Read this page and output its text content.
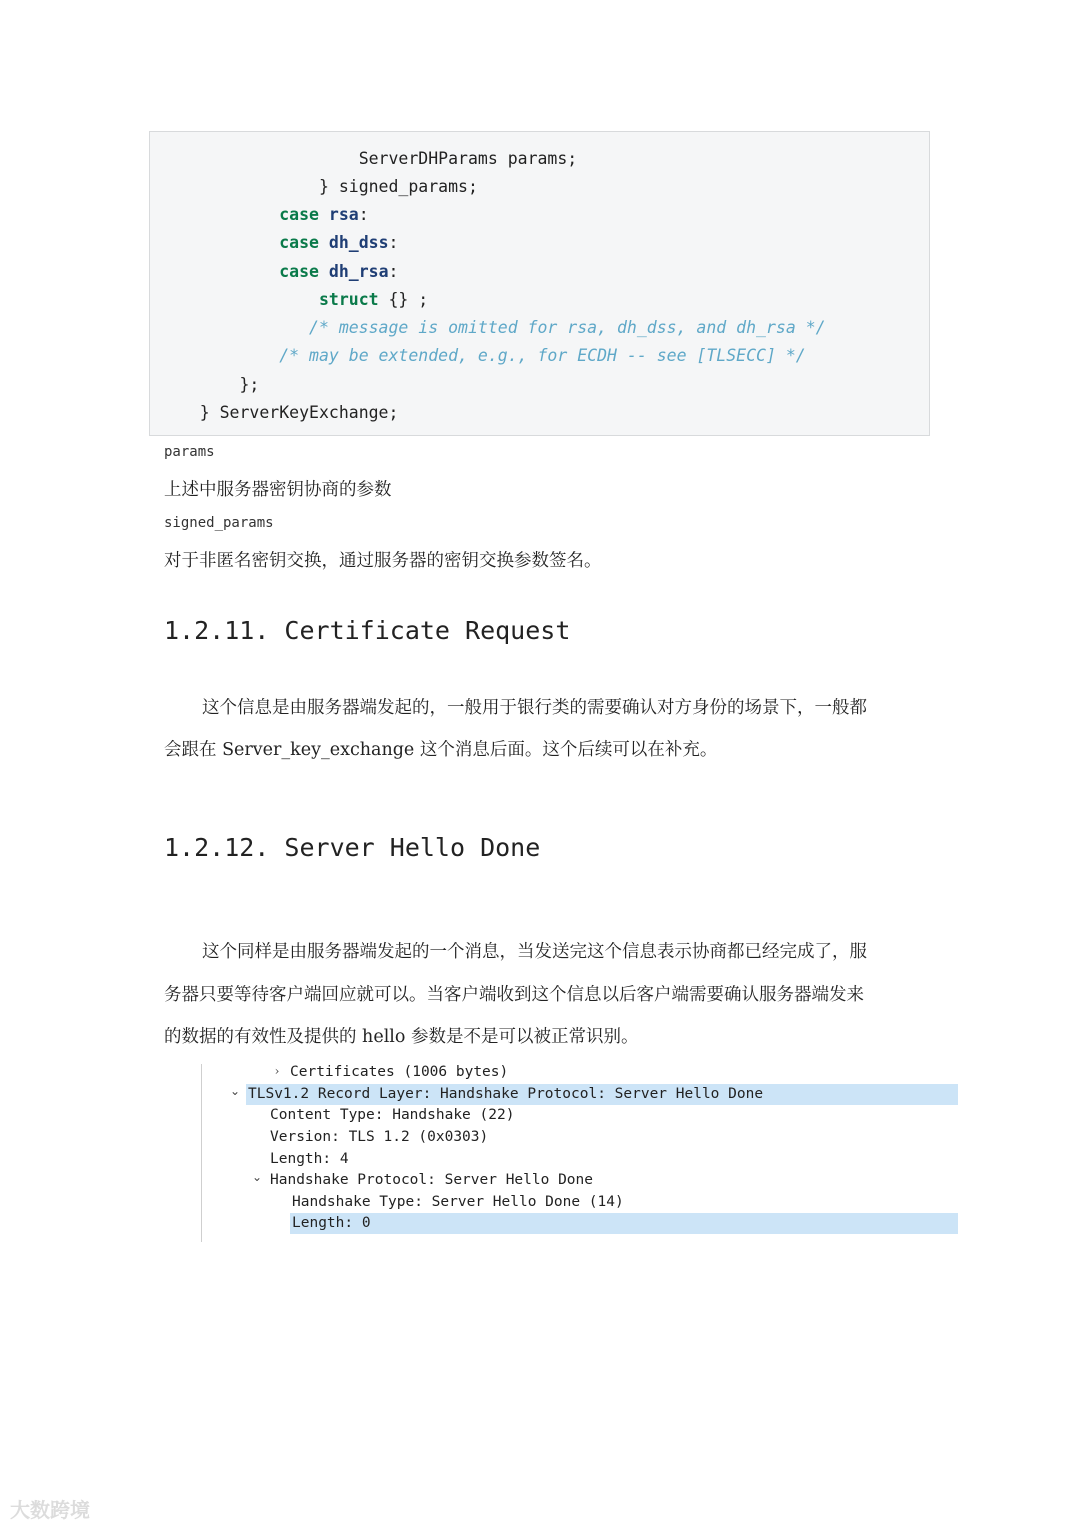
ServerDHParams params;
} signed_params;
case rsa:
case dh_dss:
case dh_rsa:
struct {} ;
/* message is omitted for rsa, dh_dss, and dh_rsa */
/* may be extended, e.g., for ECDH -- see [TLSECC] */
};
} ServerKeyExchange;
params
上述中服务器密钥协商的参数
signed_params
对于非匿名密钥交换，通过服务器的密钥交换参数签名。
1.2.11. Certificate Request
这个信息是由服务器端发起的，一般用于银行类的需要确认对方身份的场景下，一般都
会跟在 Server_key_exchange 这个消息后面。这个后续可以在补充。
1.2.12. Server Hello Done
这个同样是由服务器端发起的一个消息，当发送完这个信息表示协商都已经完成了，服
务器只要等待客户端回应就可以。当客户端收到这个信息以后客户端需要确认服务器端发来
的数据的有效性及提供的 hello 参数是不是可以被正常识别。
› Certificates (1006 bytes)
⌄ TLSv1.2 Record Layer: Handshake Protocol: Server Hello Done
Content Type: Handshake (22)
Version: TLS 1.2 (0x0303)
Length: 4
⌄ Handshake Protocol: Server Hello Done
Handshake Type: Server Hello Done (14)
Length: 0
大数跨境
